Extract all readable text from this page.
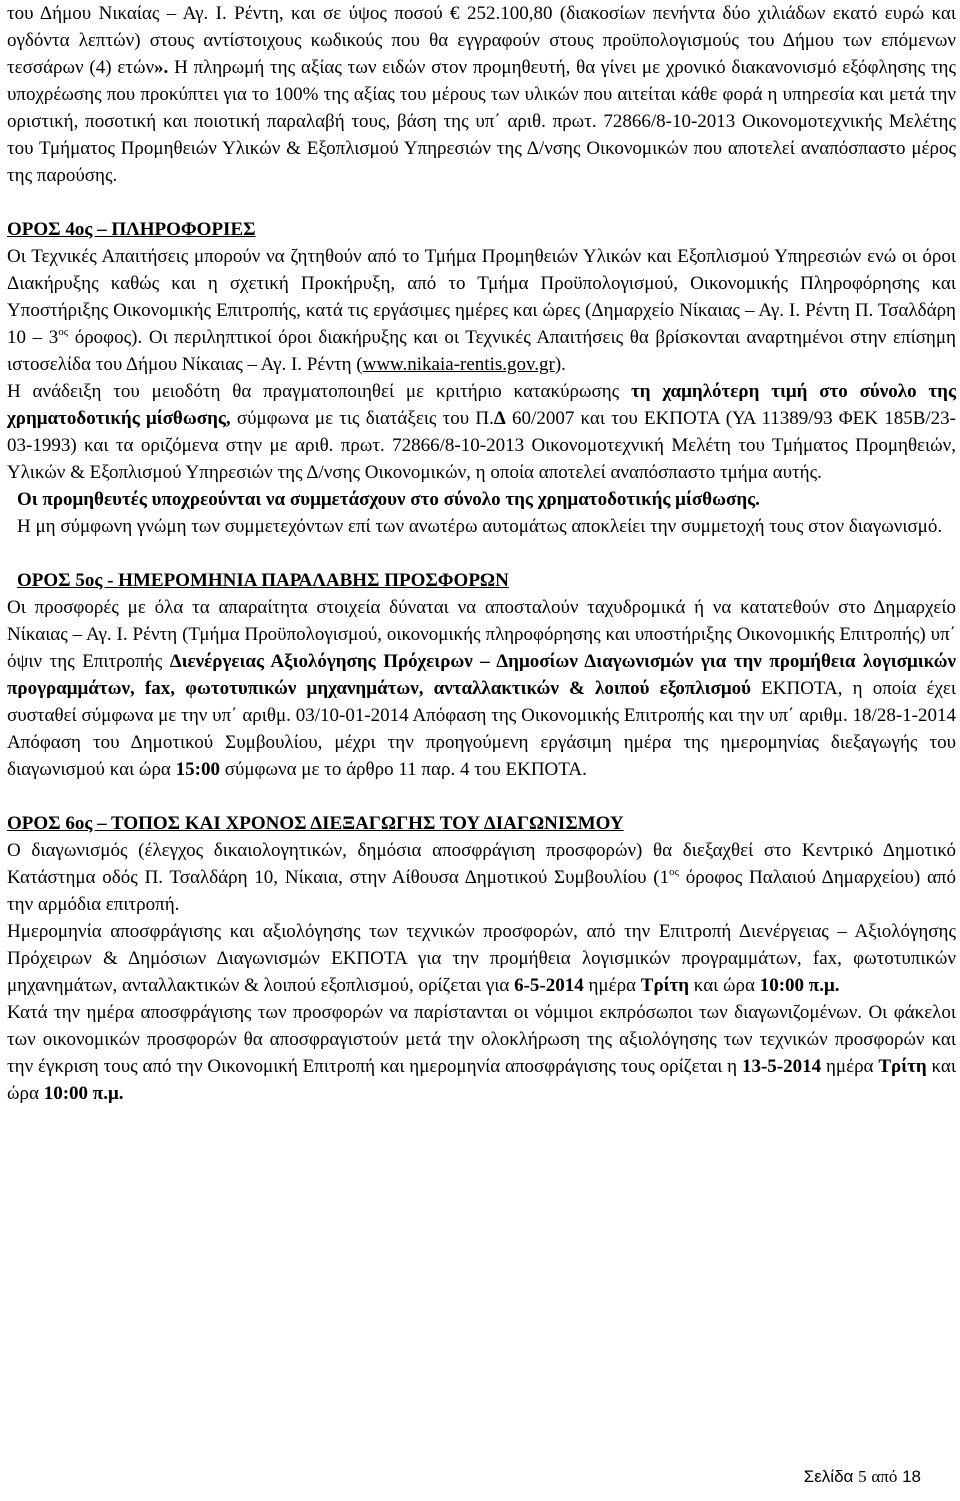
του Δήμου Νικαίας – Αγ. Ι. Ρέντη, και σε ύψος ποσού € 252.100,80 (διακοσίων πενήντα δύο χιλιάδων εκατό ευρώ και ογδόντα λεπτών) στους αντίστοιχους κωδικούς που θα εγγραφούν στους προϋπολογισμούς του Δήμου των επόμενων τεσσάρων (4) ετών». Η πληρωμή της αξίας των ειδών στον προμηθευτή, θα γίνει με χρονικό διακανονισμό εξόφλησης της υποχρέωσης που προκύπτει για το 100% της αξίας του μέρους των υλικών που αιτείται κάθε φορά η υπηρεσία και μετά την οριστική, ποσοτική και ποιοτική παραλαβή τους, βάση της υπ΄ αριθ. πρωτ. 72866/8-10-2013 Οικονομοτεχνικής Μελέτης του Τμήματος Προμηθειών Υλικών & Εξοπλισμού Υπηρεσιών της Δ/νσης Οικονομικών που αποτελεί αναπόσπαστο μέρος της παρούσης.

ΟΡΟΣ 4ος – ΠΛΗΡΟΦΟΡΙΕΣ

Οι Τεχνικές Απαιτήσεις μπορούν να ζητηθούν από το Τμήμα Προμηθειών Υλικών και Εξοπλισμού Υπηρεσιών ενώ οι όροι Διακήρυξης καθώς και η σχετική Προκήρυξη, από το Τμήμα Προϋπολογισμού, Οικονομικής Πληροφόρησης και Υποστήριξης Οικονομικής Επιτροπής, κατά τις εργάσιμες ημέρες και ώρες (Δημαρχείο Νίκαιας – Αγ. Ι. Ρέντη Π. Τσαλδάρη $10 - 3^{o\varsigma}$ όροφος). Οι περιληπτικοί όροι διακήρυξης και οι Τεχνικές Απαιτήσεις θα βρίσκονται αναρτημένοι στην επίσημη ιστοσελίδα του Δήμου Νίκαιας – Αγ. Ι. Ρέντη (www.nikaia-rentis.gov.gr).

Η ανάδειξη του μειοδότη θα πραγματοποιηθεί με κριτήριο κατακύρωσης τη χαμηλότερη τιμή στο σύνολο της χρηματοδοτικής μίσθωσης, σύμφωνα με τις διατάξεις του Π.Δ 60/2007 και του ΕΚΠΟΤΑ (ΥΑ 11389/93 ΦΕΚ 185Β/23-03-1993) και τα οριζόμενα στην με αριθ. πρωτ. 72866/8-10-2013 Οικονομοτεχνική Μελέτη του Τμήματος Προμηθειών, Υλικών & Εξοπλισμού Υπηρεσιών της Δ/νσης Οικονομικών, η οποία αποτελεί αναπόσπαστο τμήμα αυτής.

Οι προμηθευτές υποχρεούνται να συμμετάσχουν στο σύνολο της χρηματοδοτικής μίσθωσης.

Η μη σύμφωνη γνώμη των συμμετεχόντων επί των ανωτέρω αυτομάτως αποκλείει την συμμετοχή τους στον διαγωνισμό.

ΟΡΟΣ 5ος - ΗΜΕΡΟΜΗΝΙΑ ΠΑΡΑΛΑΒΗΣ ΠΡΟΣΦΟΡΩΝ

Οι προσφορές με όλα τα απαραίτητα στοιχεία δύναται να αποσταλούν ταχυδρομικά ή να κατατεθούν στο Δημαρχείο Νίκαιας – Αγ. Ι. Ρέντη (Τμήμα Προϋπολογισμού, οικονομικής πληροφόρησης και υποστήριξης Οικονομικής Επιτροπής) υπ΄ όψιν της Επιτροπής Διενέργειας Αξιολόγησης Πρόχειρων – Δημοσίων Διαγωνισμών για την προμήθεια λογισμικών προγραμμάτων, fax, φωτοτυπικών μηχανημάτων, ανταλλακτικών & λοιπού εξοπλισμού ΕΚΠΟΤΑ, η οποία έχει συσταθεί σύμφωνα με την υπ΄ αριθμ. 03/10-01-2014 Απόφαση της Οικονομικής Επιτροπής και την υπ΄ αριθμ. 18/28-1-2014 Απόφαση του Δημοτικού Συμβουλίου, μέχρι την προηγούμενη εργάσιμη ημέρα της ημερομηνίας διεξαγωγής του διαγωνισμού και ώρα 15:00 σύμφωνα με το άρθρο 11 παρ. 4 του ΕΚΠΟΤΑ.

ΟΡΟΣ 6ος – ΤΟΠΟΣ ΚΑΙ ΧΡΟΝΟΣ ΔΙΕΞΑΓΩΓΗΣ ΤΟΥ ΔΙΑΓΩΝΙΣΜΟΥ

Ο διαγωνισμός (έλεγχος δικαιολογητικών, δημόσια αποσφράγιση προσφορών) θα διεξαχθεί στο Κεντρικό Δημοτικό Κατάστημα οδός Π. Τσαλδάρη 10, Νίκαια, στην Αίθουσα Δημοτικού Συμβουλίου ($1^{o\varsigma}$ όροφος Παλαιού Δημαρχείου) από την αρμόδια επιτροπή.

Ημερομηνία αποσφράγισης και αξιολόγησης των τεχνικών προσφορών, από την Επιτροπή Διενέργειας – Αξιολόγησης Πρόχειρων & Δημόσιων Διαγωνισμών ΕΚΠΟΤΑ για την προμήθεια λογισμικών προγραμμάτων, fax, φωτοτυπικών μηχανημάτων, ανταλλακτικών & λοιπού εξοπλισμού, ορίζεται για 6-5-2014 ημέρα Τρίτη και ώρα 10:00 π.μ.

Κατά την ημέρα αποσφράγισης των προσφορών να παρίστανται οι νόμιμοι εκπρόσωποι των διαγωνιζομένων. Οι φάκελοι των οικονομικών προσφορών θα αποσφραγιστούν μετά την ολοκλήρωση της αξιολόγησης των τεχνικών προσφορών και την έγκριση τους από την Οικονομική Επιτροπή και ημερομηνία αποσφράγισης τους ορίζεται η 13-5-2014 ημέρα Τρίτη και ώρα 10:00 π.μ.

Σελίδα 5 από 18
